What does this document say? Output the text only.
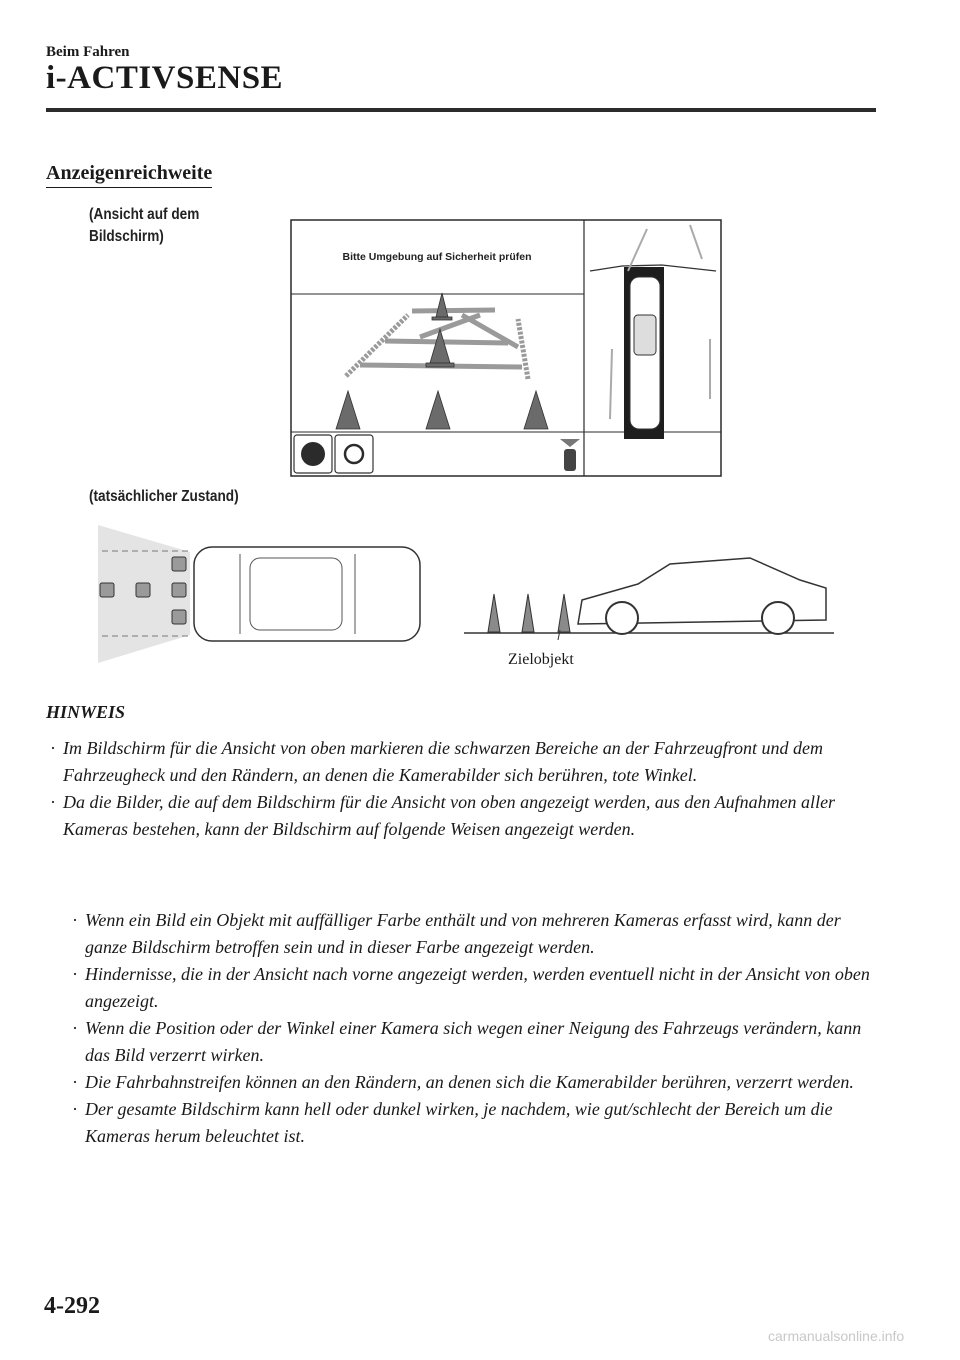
Beim Fahren
i-ACTIVSENSE
Anzeigenreichweite
(Ansicht auf dem Bildschirm)
Bitte Umgebung auf Sicherheit prüfen
(tatsächlicher Zustand)
Zielobjekt
HINWEIS
· Im Bildschirm für die Ansicht von oben markieren die schwarzen Bereiche an der Fahrzeugfront und dem Fahrzeugheck und den Rändern, an denen die Kamerabilder sich berühren, tote Winkel.
· Da die Bilder, die auf dem Bildschirm für die Ansicht von oben angezeigt werden, aus den Aufnahmen aller Kameras bestehen, kann der Bildschirm auf folgende Weisen angezeigt werden.
· Wenn ein Bild ein Objekt mit auffälliger Farbe enthält und von mehreren Kameras erfasst wird, kann der ganze Bildschirm betroffen sein und in dieser Farbe angezeigt werden.
· Hindernisse, die in der Ansicht nach vorne angezeigt werden, werden eventuell nicht in der Ansicht von oben angezeigt.
· Wenn die Position oder der Winkel einer Kamera sich wegen einer Neigung des Fahrzeugs verändern, kann das Bild verzerrt wirken.
· Die Fahrbahnstreifen können an den Rändern, an denen sich die Kamerabilder berühren, verzerrt werden.
· Der gesamte Bildschirm kann hell oder dunkel wirken, je nachdem, wie gut/schlecht der Bereich um die Kameras herum beleuchtet ist.
4-292
carmanualsonline.info
